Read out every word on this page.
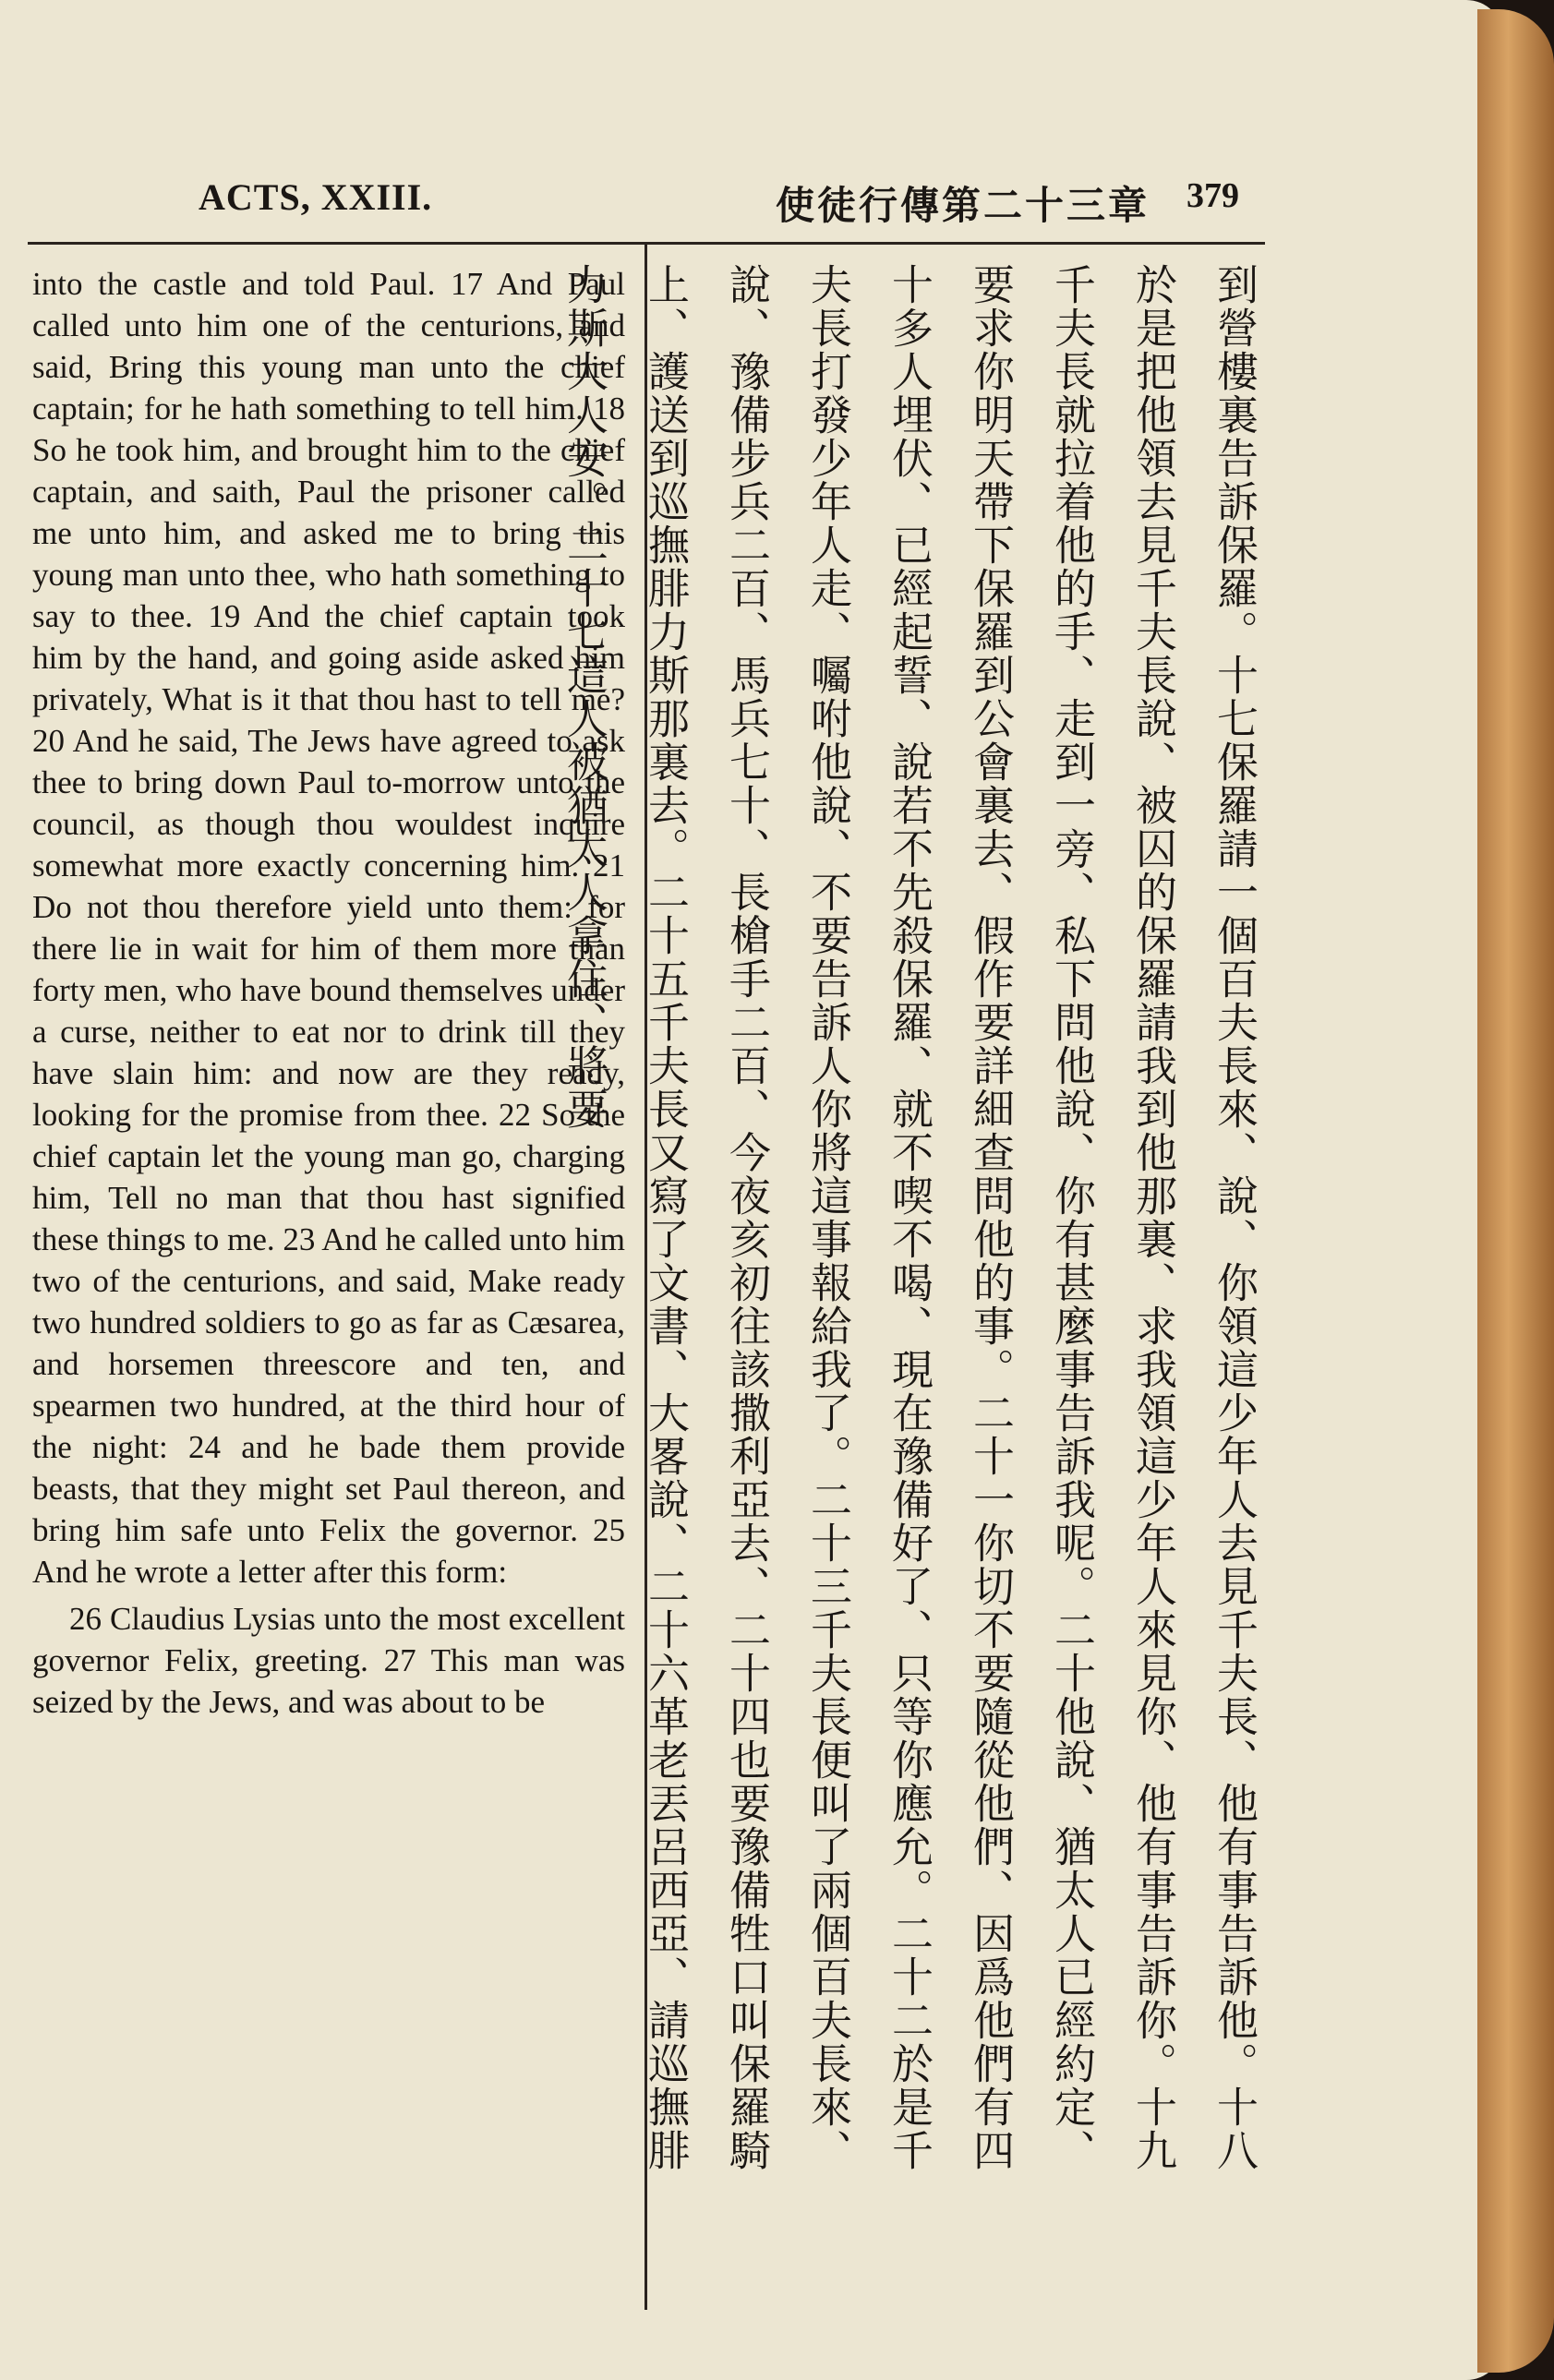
ACTS, XXIII.	使徒行傳第二十三章 379

into the castle and told Paul. 17 And Paul called unto him one of the centurions, and said, Bring this young man unto the chief captain; for he hath something to tell him. 18 So he took him, and brought him to the chief captain, and saith, Paul the prisoner called me unto him, and asked me to bring this young man unto thee, who hath something to say to thee. 19 And the chief captain took him by the hand, and going aside asked him privately, What is it that thou hast to tell me? 20 And he said, The Jews have agreed to ask thee to bring down Paul to-morrow unto the council, as though thou wouldest inquire somewhat more exactly concerning him. 21 Do not thou therefore yield unto them: for there lie in wait for him of them more than forty men, who have bound themselves under a curse, neither to eat nor to drink till they have slain him: and now are they ready, looking for the promise from thee. 22 So the chief captain let the young man go, charging him, Tell no man that thou hast signified these things to me. 23 And he called unto him two of the centurions, and said, Make ready two hundred soldiers to go as far as Cæsarea, and horsemen threescore and ten, and spearmen two hundred, at the third hour of the night: 24 and he bade them provide beasts, that they might set Paul thereon, and bring him safe unto Felix the governor. 25 And he wrote a letter after this form:

26 Claudius Lysias unto the most excellent governor Felix, greeting. 27 This man was seized by the Jews, and was about to be	到營樓裏告訴保羅。十七保羅請一個百夫長來、說、你領這少年人去見千夫長、他有事告訴他。十八於是把他領去見千夫長說、被囚的保羅請我到他那裏、求我領這少年人來見你、他有事告訴你。十九千夫長就拉着他的手、走到一旁、私下問他說、你有甚麼事告訴我呢。二十他說、猶太人已經約定、要求你明天帶下保羅到公會裏去、假作要詳細查問他的事。二十一你切不要隨從他們、因爲他們有四十多人埋伏、已經起誓、說若不先殺保羅、就不喫不喝、現在豫備好了、只等你應允。二十二於是千夫長打發少年人走、囑咐他說、不要告訴人你將這事報給我了。二十三千夫長便叫了兩個百夫長來、說、豫備步兵二百、馬兵七十、長槍手二百、今夜亥初往該撒利亞去、二十四也要豫備牲口叫保羅騎上、護送到巡撫腓力斯那裏去。二十五千夫長又寫了文書、大畧說、二十六革老丟呂西亞、請巡撫腓力斯大人安。二十七這人被猶太人拿住、將要
